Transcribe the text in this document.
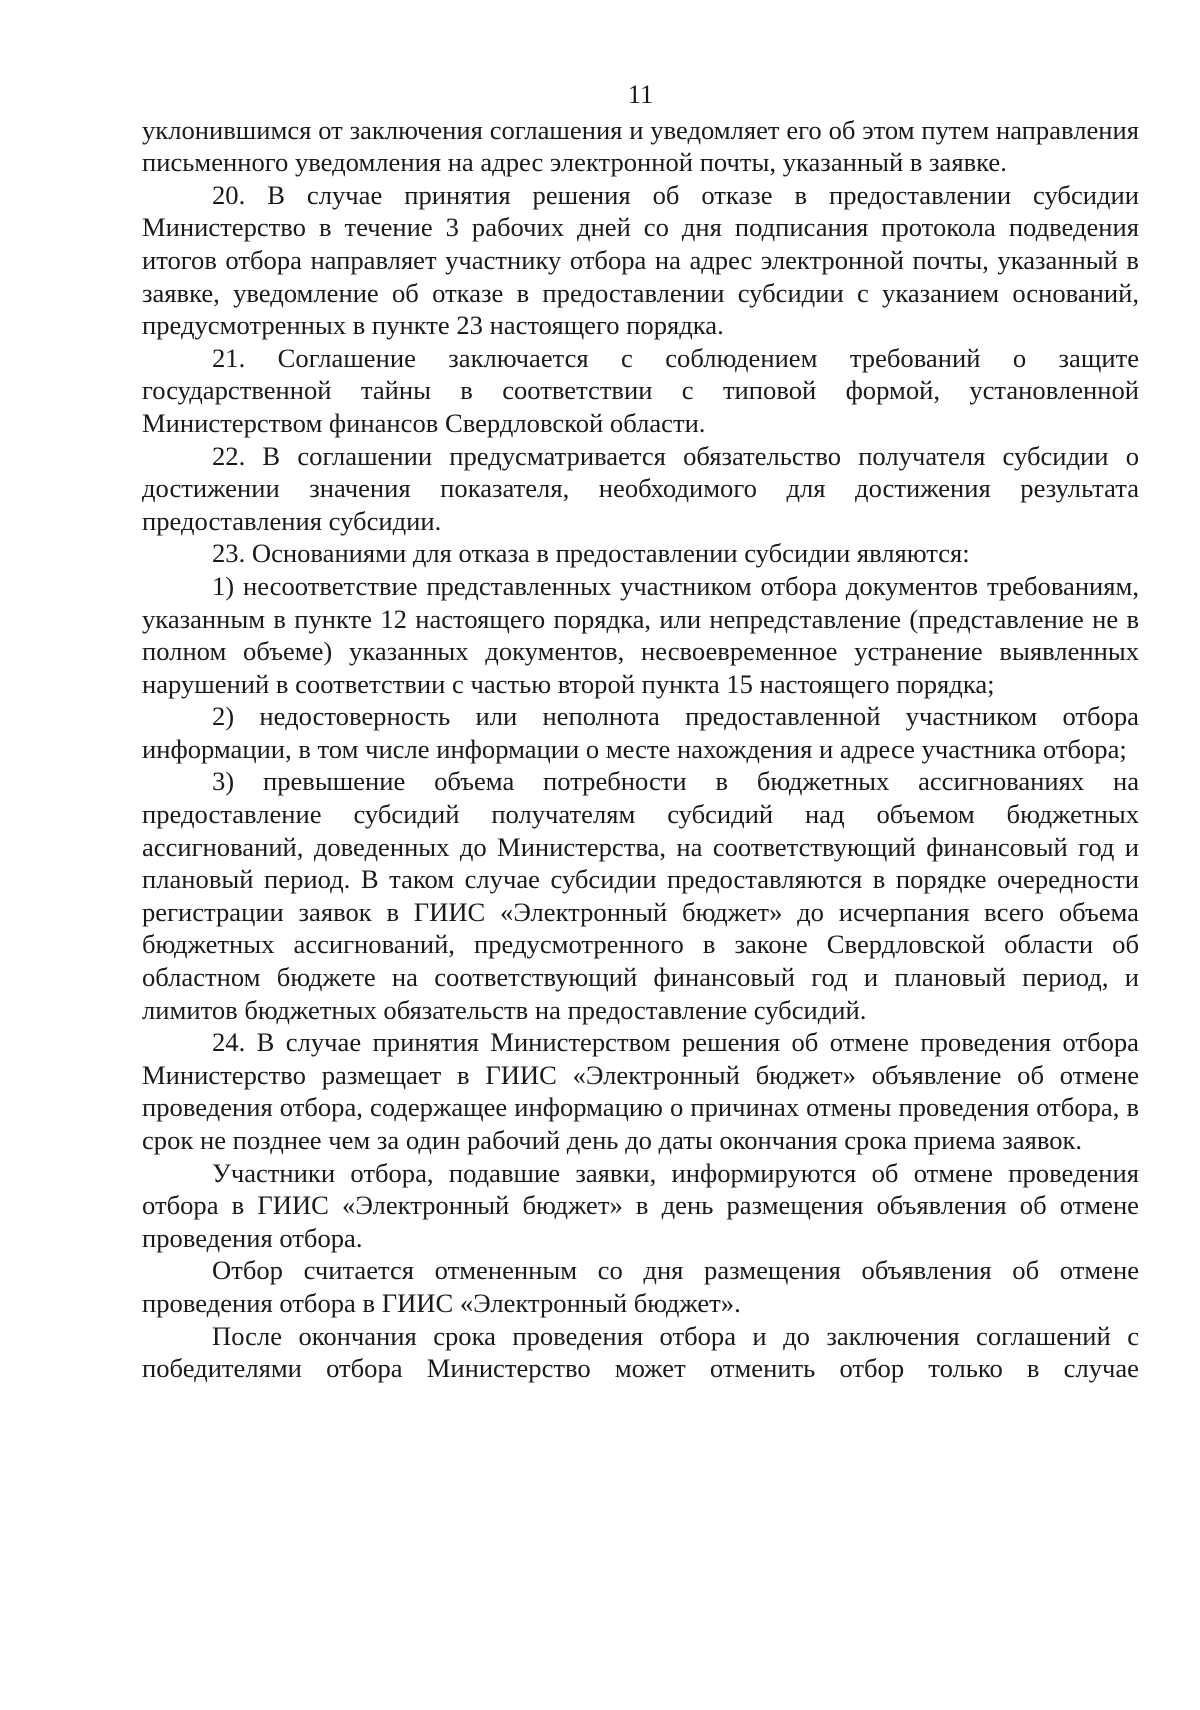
11

уклонившимся от заключения соглашения и уведомляет его об этом путем направления письменного уведомления на адрес электронной почты, указанный в заявке.

20. В случае принятия решения об отказе в предоставлении субсидии Министерство в течение 3 рабочих дней со дня подписания протокола подведения итогов отбора направляет участнику отбора на адрес электронной почты, указанный в заявке, уведомление об отказе в предоставлении субсидии с указанием оснований, предусмотренных в пункте 23 настоящего порядка.

21. Соглашение заключается с соблюдением требований о защите государственной тайны в соответствии с типовой формой, установленной Министерством финансов Свердловской области.

22. В соглашении предусматривается обязательство получателя субсидии о достижении значения показателя, необходимого для достижения результата предоставления субсидии.

23. Основаниями для отказа в предоставлении субсидии являются:

1) несоответствие представленных участником отбора документов требованиям, указанным в пункте 12 настоящего порядка, или непредставление (представление не в полном объеме) указанных документов, несвоевременное устранение выявленных нарушений в соответствии с частью второй пункта 15 настоящего порядка;

2) недостоверность или неполнота предоставленной участником отбора информации, в том числе информации о месте нахождения и адресе участника отбора;

3) превышение объема потребности в бюджетных ассигнованиях на предоставление субсидий получателям субсидий над объемом бюджетных ассигнований, доведенных до Министерства, на соответствующий финансовый год и плановый период. В таком случае субсидии предоставляются в порядке очередности регистрации заявок в ГИИС «Электронный бюджет» до исчерпания всего объема бюджетных ассигнований, предусмотренного в законе Свердловской области об областном бюджете на соответствующий финансовый год и плановый период, и лимитов бюджетных обязательств на предоставление субсидий.

24. В случае принятия Министерством решения об отмене проведения отбора Министерство размещает в ГИИС «Электронный бюджет» объявление об отмене проведения отбора, содержащее информацию о причинах отмены проведения отбора, в срок не позднее чем за один рабочий день до даты окончания срока приема заявок.

Участники отбора, подавшие заявки, информируются об отмене проведения отбора в ГИИС «Электронный бюджет» в день размещения объявления об отмене проведения отбора.

Отбор считается отмененным со дня размещения объявления об отмене проведения отбора в ГИИС «Электронный бюджет».

После окончания срока проведения отбора и до заключения соглашений с победителями отбора Министерство может отменить отбор только в случае
